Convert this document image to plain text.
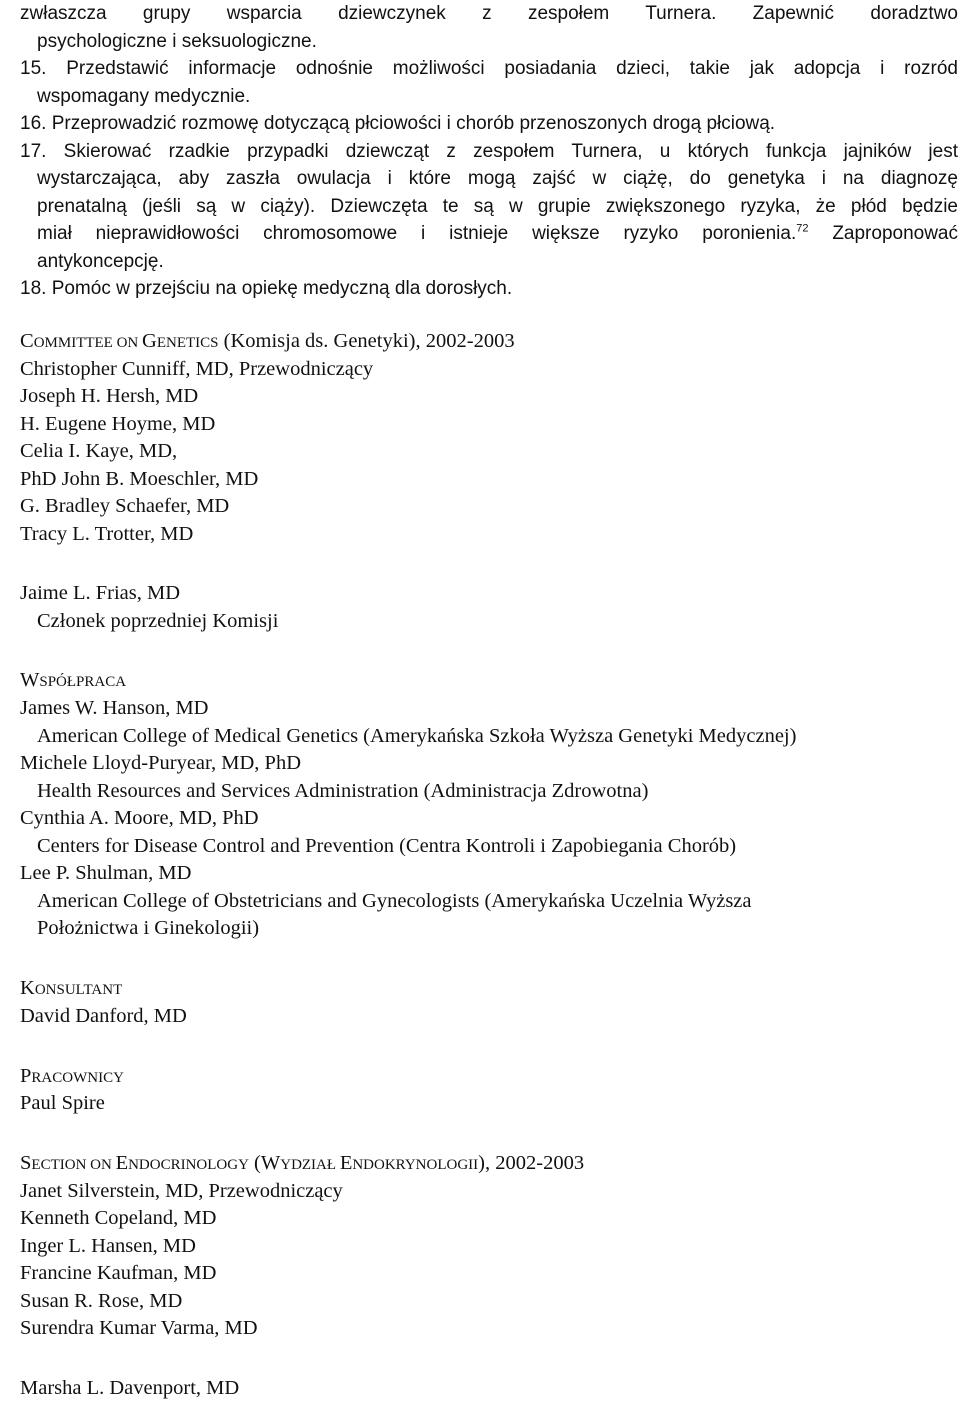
zwłaszcza grupy wsparcia dziewczynek z zespołem Turnera. Zapewnić doradztwo
psychologiczne i seksuologiczne.
15. Przedstawić informacje odnośnie możliwości posiadania dzieci, takie jak adopcja i rozród
wspomagany medycznie.
16. Przeprowadzić rozmowę dotyczącą płciowości i chorób przenoszonych drogą płciową.
17. Skierować rzadkie przypadki dziewcząt z zespołem Turnera, u których funkcja jajników jest
wystarczająca, aby zaszła owulacja i które mogą zajść w ciążę, do genetyka i na diagnozę
prenatalną (jeśli są w ciąży). Dziewczęta te są w grupie zwiększonego ryzyka, że płód będzie
miał nieprawidłowości chromosomowe i istnieje większe ryzyko poronienia.$^{72}$ Zaproponować
antykoncepcję.
18. Pomóc w przejściu na opiekę medyczną dla dorosłych.
COMMITTEE ON GENETICS (Komisja ds. Genetyki), 2002-2003
Christopher Cunniff, MD, Przewodniczący
Joseph H. Hersh, MD
H. Eugene Hoyme, MD
Celia I. Kaye, MD,
PhD John B. Moeschler, MD
G. Bradley Schaefer, MD
Tracy L. Trotter, MD
Jaime L. Frias, MD
Członek poprzedniej Komisji
WSPÓŁPRACA
James W. Hanson, MD
American College of Medical Genetics (Amerykańska Szkoła Wyższa Genetyki Medycznej)
Michele Lloyd-Puryear, MD, PhD
Health Resources and Services Administration (Administracja Zdrowotna)
Cynthia A. Moore, MD, PhD
Centers for Disease Control and Prevention (Centra Kontroli i Zapobiegania Chorób)
Lee P. Shulman, MD
American College of Obstetricians and Gynecologists (Amerykańska Uczelnia Wyższa
Położnictwa i Ginekologii)
KONSULTANT
David Danford, MD
PRACOWNICY
Paul Spire
SECTION ON ENDOCRINOLOGY (WYDZIAŁ ENDOKRYNOLOGII), 2002-2003
Janet Silverstein, MD, Przewodniczący
Kenneth Copeland, MD
Inger L. Hansen, MD
Francine Kaufman, MD
Susan R. Rose, MD
Surendra Kumar Varma, MD
Marsha L. Davenport, MD
